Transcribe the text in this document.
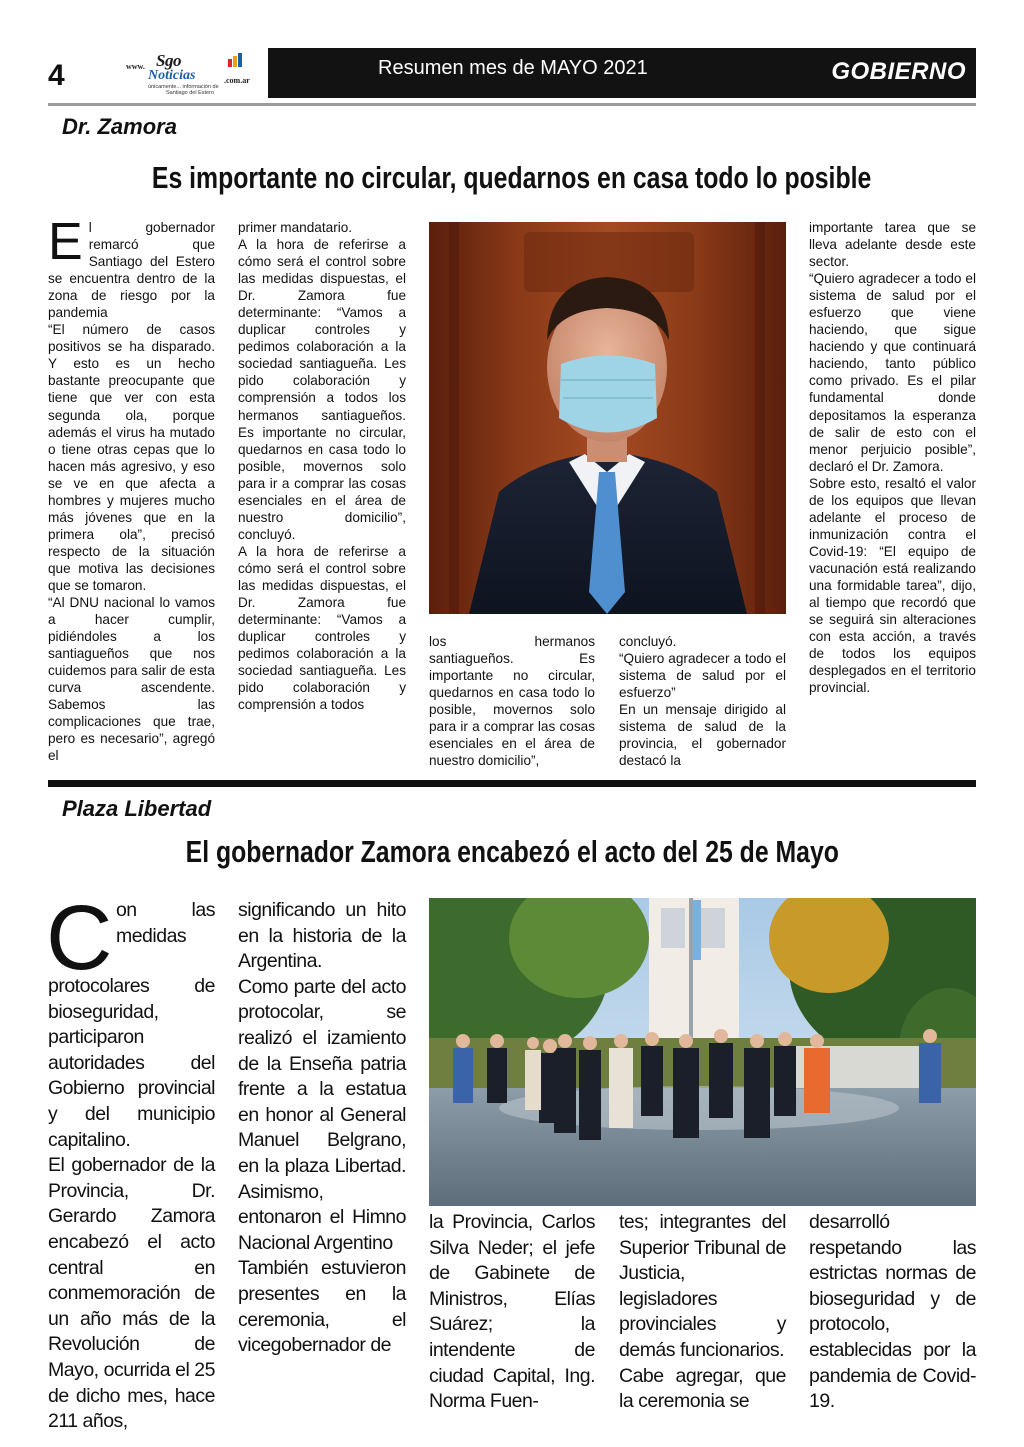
4	www. Sgo
Noticias	.com.ar
únicamente... información de
Santiago del Estero
Resumen mes de MAYO 2021	GOBIERNO
Dr. Zamora
Es importante no circular, quedarnos en casa todo lo posible
E l gobernador remarcó que Santiago del Estero se encuentra dentro de la zona de riesgo por la pandemia

“El número de casos positivos se ha disparado. Y esto es un hecho bastante preocupante que tiene que ver con esta segunda ola, porque además el virus ha mutado o tiene otras cepas que lo hacen más agresivo, y eso se ve en que afecta a hombres y mujeres mucho más jóvenes que en la primera ola”, precisó respecto de la situación que motiva las decisiones que se tomaron.

“Al DNU nacional lo vamos a hacer cumplir, pidiéndoles a los santiagueños que nos cuidemos para salir de esta curva ascendente. Sabemos las complicaciones que trae, pero es necesario”, agregó el

primer mandatario.

A la hora de referirse a cómo será el control sobre las medidas dispuestas, el Dr. Zamora fue determinante: “Vamos a duplicar controles y pedimos colaboración a la sociedad santiagueña. Les pido colaboración y comprensión a todos los hermanos santiagueños. Es importante no circular, quedarnos en casa todo lo posible, movernos solo para ir a comprar las cosas esenciales en el área de nuestro domicilio”, concluyó.

A la hora de referirse a cómo será el control sobre las medidas dispuestas, el Dr. Zamora fue determinante: “Vamos a duplicar controles y pedimos colaboración a la sociedad santiagueña. Les pido colaboración y comprensión a todos

los hermanos santiagueños. Es importante no circular, quedarnos en casa todo lo posible, movernos solo para ir a comprar las cosas esenciales en el área de nuestro domicilio”,

concluyó.

“Quiero agradecer a todo el sistema de salud por el esfuerzo”

En un mensaje dirigido al sistema de salud de la provincia, el gobernador destacó la

importante tarea que se lleva adelante desde este sector.

“Quiero agradecer a todo el sistema de salud por el esfuerzo que viene haciendo, que sigue haciendo y que continuará haciendo, tanto público como privado. Es el pilar fundamental donde depositamos la esperanza de salir de esto con el menor perjuicio posible”, declaró el Dr. Zamora.

Sobre esto, resaltó el valor de los equipos que llevan adelante el proceso de inmunización contra el Covid-19: “El equipo de vacunación está realizando una formidable tarea”, dijo, al tiempo que recordó que se seguirá sin alteraciones con esta acción, a través de todos los equipos desplegados en el territorio provincial.

Plaza Libertad
El gobernador Zamora encabezó el acto del 25 de Mayo
C on las medidas protocolares de bioseguridad, participaron autoridades del Gobierno provincial y del municipio capitalino.

El gobernador de la Provincia, Dr. Gerardo Zamora encabezó el acto central en conmemoración de un año más de la Revolución de Mayo, ocurrida el 25 de dicho mes, hace 211 años,

significando un hito en la historia de la Argentina.

Como parte del acto protocolar, se realizó el izamiento de la Enseña patria frente a la estatua en honor al General Manuel Belgrano, en la plaza Libertad. Asimismo, entonaron el Himno Nacional Argentino

También estuvieron presentes en la ceremonia, el vicegobernador de

la Provincia, Carlos Silva Neder; el jefe de Gabinete de Ministros, Elías Suárez; la intendente de ciudad Capital, Ing. Norma Fuen-

tes; integrantes del Superior Tribunal de Justicia, legisladores provinciales y demás funcionarios.

Cabe agregar, que la ceremonia se

desarrolló respetando las estrictas normas de bioseguridad y de protocolo, establecidas por la pandemia de Covid-19.
